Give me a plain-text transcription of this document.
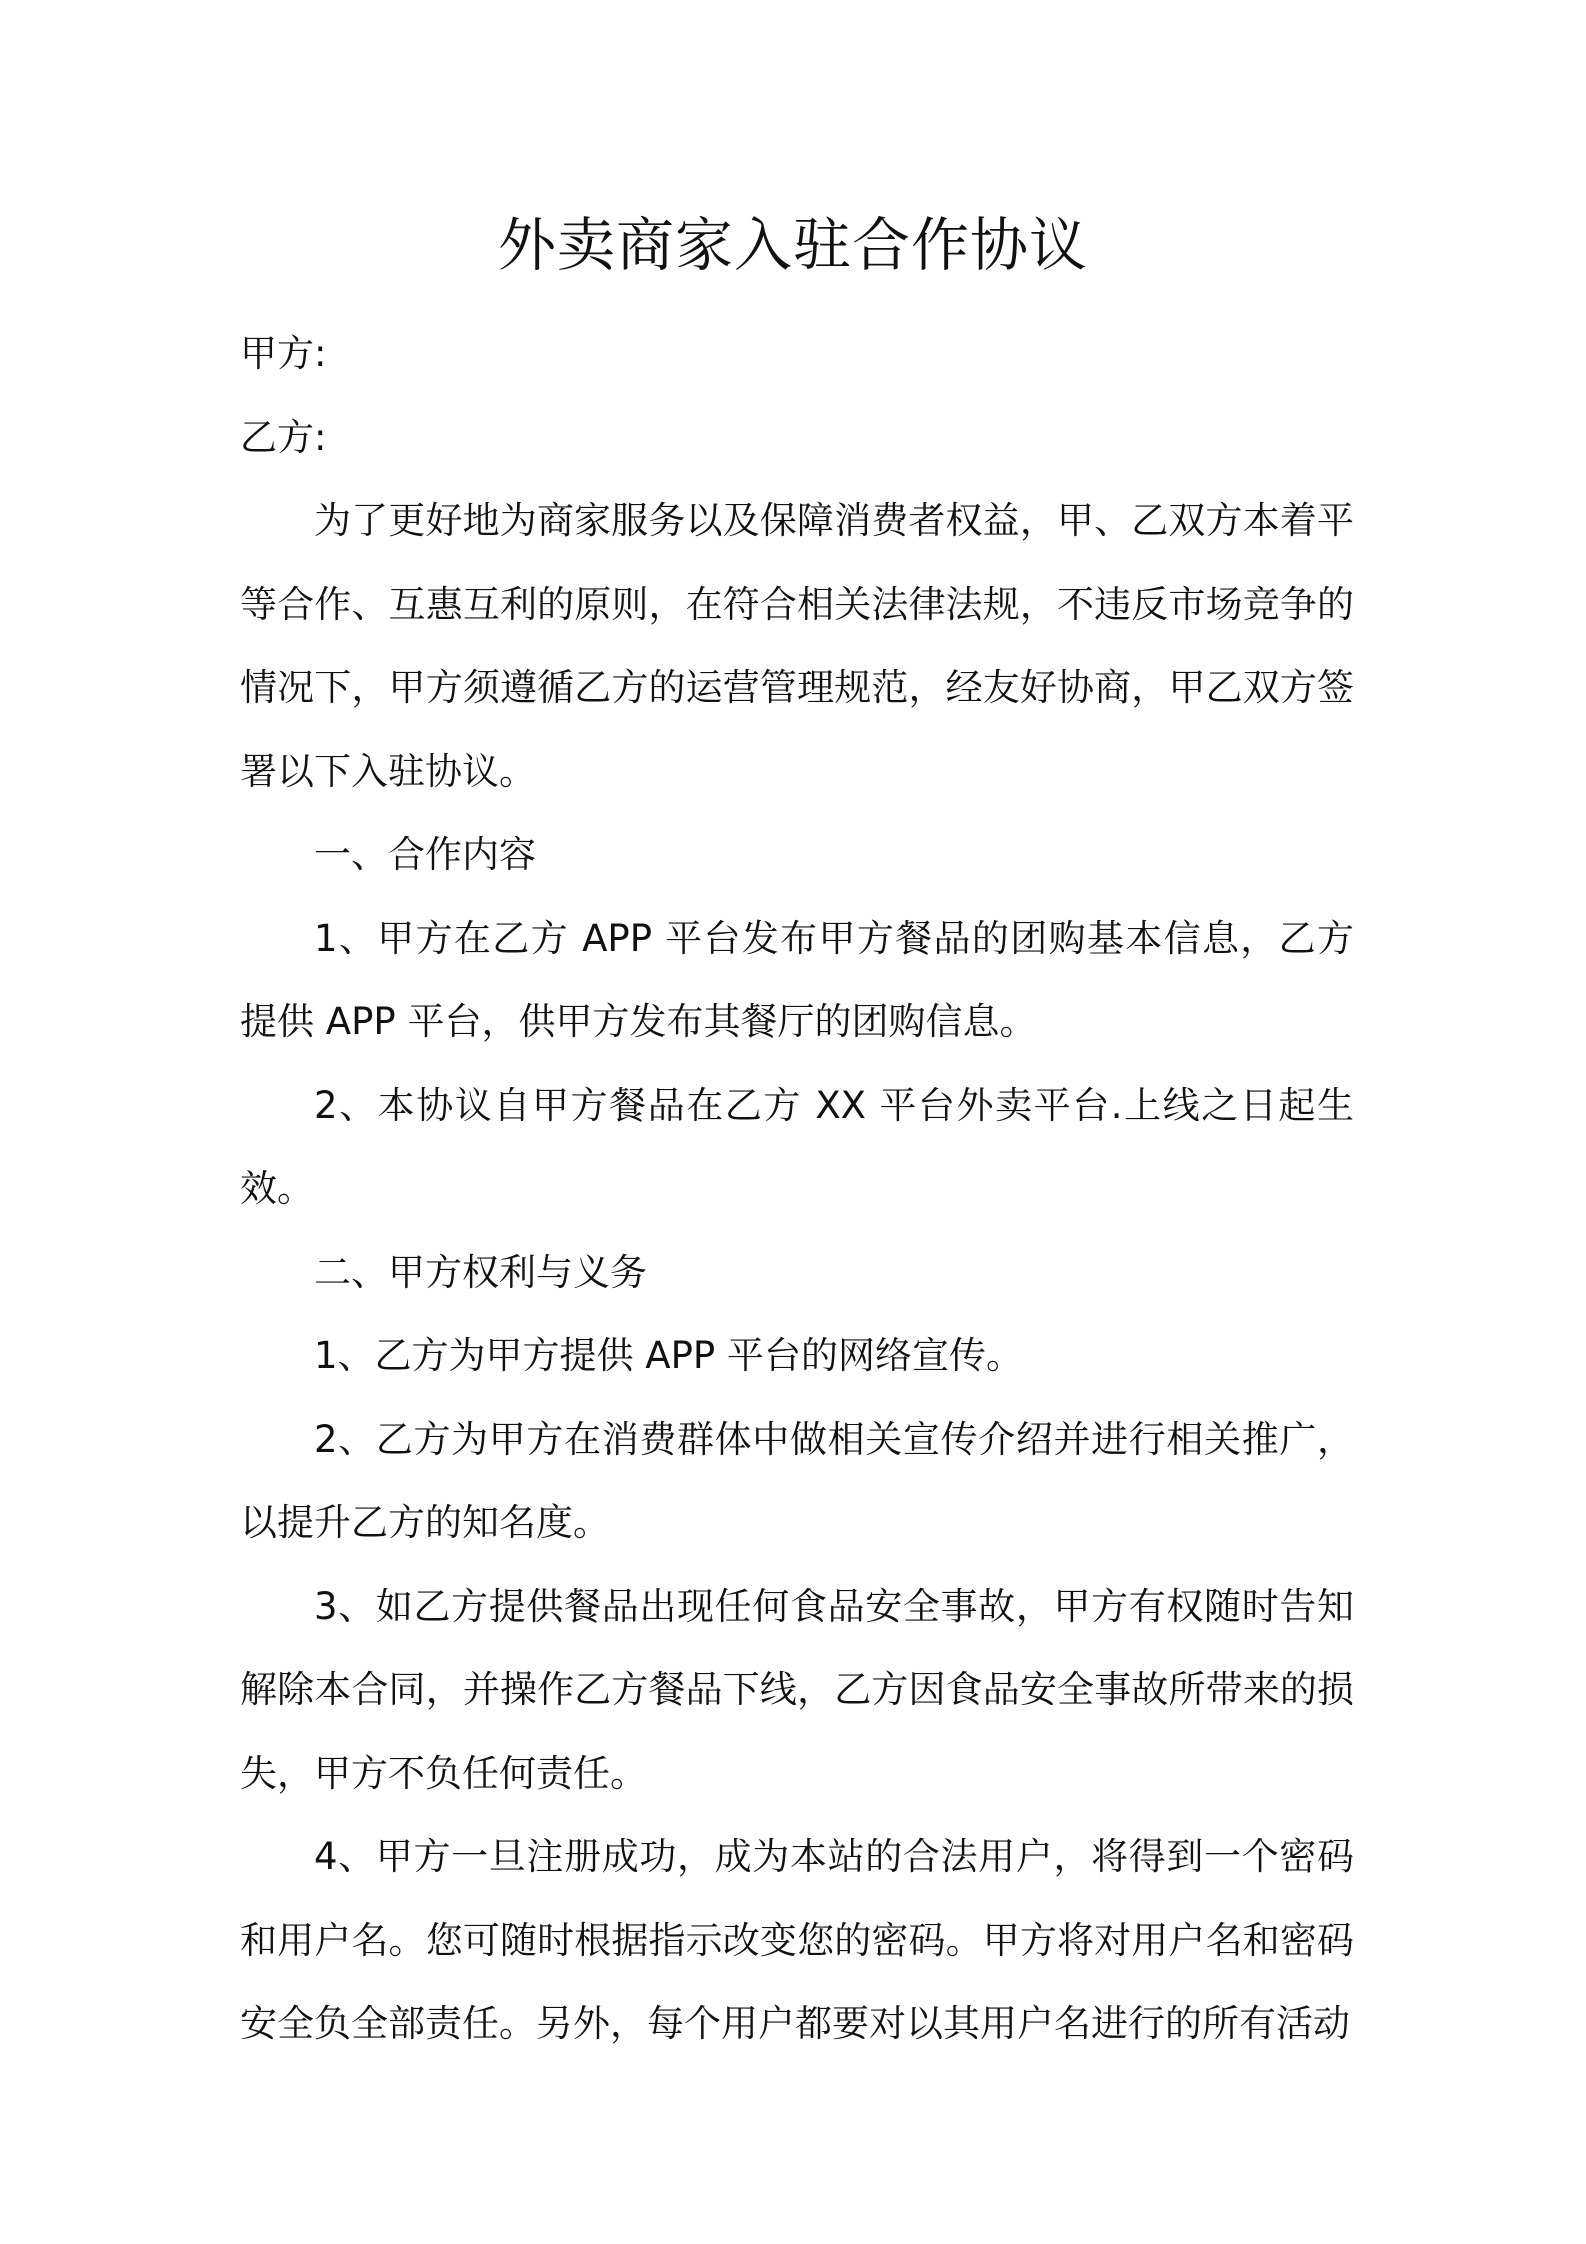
外卖商家入驻合作协议

甲方:

乙方:

为了更好地为商家服务以及保障消费者权益，甲、乙双方本着平等合作、互惠互利的原则，在符合相关法律法规，不违反市场竞争的情况下，甲方须遵循乙方的运营管理规范，经友好协商，甲乙双方签署以下入驻协议。

一、合作内容

1、甲方在乙方 APP 平台发布甲方餐品的团购基本信息，乙方提供 APP 平台，供甲方发布其餐厅的团购信息。

2、本协议自甲方餐品在乙方 XX 平台外卖平台.上线之日起生效。

二、甲方权利与义务

1、乙方为甲方提供 APP 平台的网络宣传。

2、乙方为甲方在消费群体中做相关宣传介绍并进行相关推广，以提升乙方的知名度。

3、如乙方提供餐品出现任何食品安全事故，甲方有权随时告知解除本合同，并操作乙方餐品下线，乙方因食品安全事故所带来的损失，甲方不负任何责任。

4、甲方一旦注册成功，成为本站的合法用户，将得到一个密码和用户名。您可随时根据指示改变您的密码。甲方将对用户名和密码安全负全部责任。另外，每个用户都要对以其用户名进行的所有活动
